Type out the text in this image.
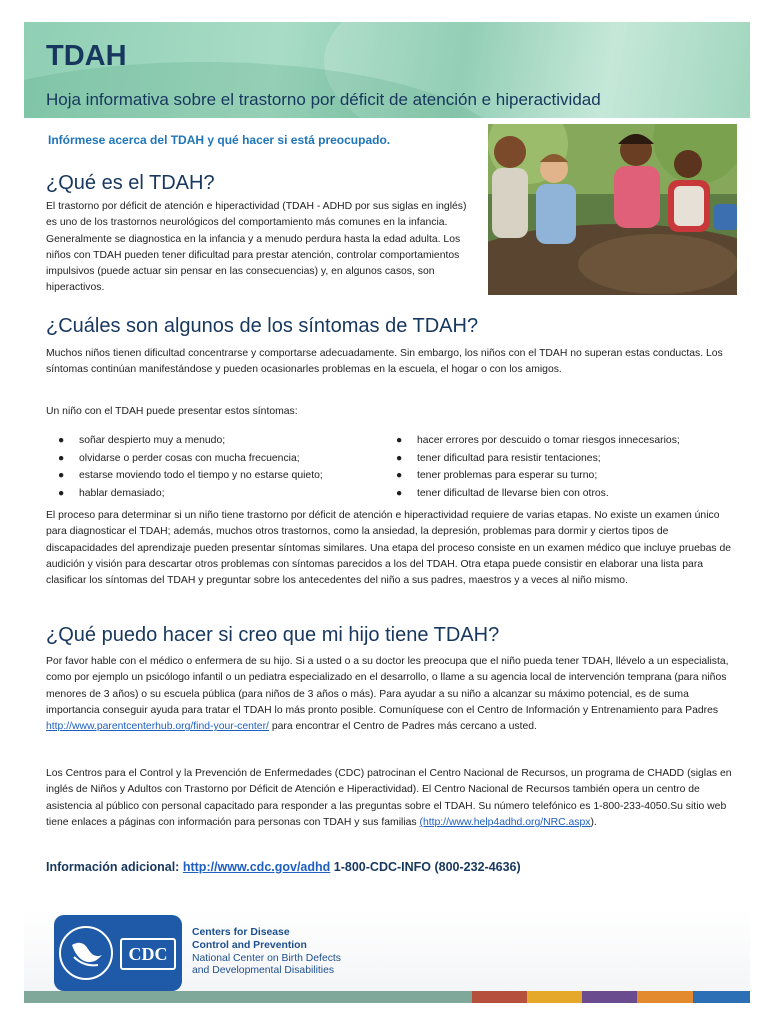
TDAH
Hoja informativa sobre el trastorno por déficit de atención e hiperactividad
Infórmese acerca del TDAH y qué hacer si está preocupado.
¿Qué es el TDAH?

El trastorno por déficit de atención e hiperactividad (TDAH - ADHD por sus siglas en inglés) es uno de los trastornos neurológicos del comportamiento más comunes en la infancia. Generalmente se diagnostica en la infancia y a menudo perdura hasta la edad adulta. Los niños con TDAH pueden tener dificultad para prestar atención, controlar comportamientos impulsivos (puede actuar sin pensar en las consecuencias) y, en algunos casos, son hiperactivos.

¿Cuáles son algunos de los síntomas de TDAH?

Muchos niños tienen dificultad concentrarse y comportarse adecuadamente. Sin embargo, los niños con el TDAH no superan estas conductas. Los síntomas continúan manifestándose y pueden ocasionarles problemas en la escuela, el hogar o con los amigos.

Un niño con el TDAH puede presentar estos síntomas:

● soñar despierto muy a menudo;
● olvidarse o perder cosas con mucha frecuencia;
● estarse moviendo todo el tiempo y no estarse quieto;
● hablar demasiado;
● hacer errores por descuido o tomar riesgos innecesarios;
● tener dificultad para resistir tentaciones;
● tener problemas para esperar su turno;
● tener dificultad de llevarse bien con otros.

El proceso para determinar si un niño tiene trastorno por déficit de atención e hiperactividad requiere de varias etapas. No existe un examen único para diagnosticar el TDAH; además, muchos otros trastornos, como la ansiedad, la depresión, problemas para dormir y ciertos tipos de discapacidades del aprendizaje pueden presentar síntomas similares. Una etapa del proceso consiste en un examen médico que incluye pruebas de audición y visión para descartar otros problemas con síntomas parecidos a los del TDAH. Otra etapa puede consistir en elaborar una lista para clasificar los síntomas del TDAH y preguntar sobre los antecedentes del niño a sus padres, maestros y a veces al niño mismo.

¿Qué puedo hacer si creo que mi hijo tiene TDAH?

Por favor hable con el médico o enfermera de su hijo. Si a usted o a su doctor les preocupa que el niño pueda tener TDAH, llévelo a un especialista, como por ejemplo un psicólogo infantil o un pediatra especializado en el desarrollo, o llame a su agencia local de intervención temprana (para niños menores de 3 años) o su escuela pública (para niños de 3 años o más). Para ayudar a su niño a alcanzar su máximo potencial, es de suma importancia conseguir ayuda para tratar el TDAH lo más pronto posible. Comuníquese con el Centro de Información y Entrenamiento para Padres
http://www.parentcenterhub.org/find-your-center/ para encontrar el Centro de Padres más cercano a usted.

Los Centros para el Control y la Prevención de Enfermedades (CDC) patrocinan el Centro Nacional de Recursos, un programa de CHADD (siglas en inglés de Niños y Adultos con Trastorno por Déficit de Atención e Hiperactividad). El Centro Nacional de Recursos también opera un centro de asistencia al público con personal capacitado para responder a las preguntas sobre el TDAH. Su número telefónico es 1-800-233-4050.Su sitio web tiene enlaces a páginas con información para personas con TDAH y sus familias (http://www.help4adhd.org/NRC.aspx).

Información adicional: http://www.cdc.gov/adhd 1-800-CDC-INFO (800-232-4636)
CDC
Centers for Disease
Control and Prevention
National Center on Birth Defects
and Developmental Disabilities
